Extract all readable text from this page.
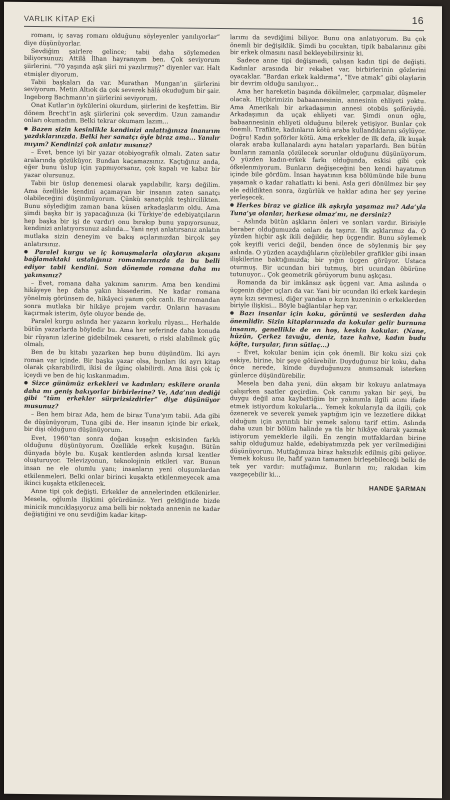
VARLIK KİTAP EKİ	16

romanı, iç savaş romanı olduğunu söyleyenler yanılıyorlar” diye düşünüyorlar.

Sevdiğim şairlere gelince; tabii daha söylemeden biliyorsunuz; Attilâ İlhan hayranıyım ben. Çok seviyorum şiirlerini. “70 yaşında aşk şiiri mi yazılırmış?” diyenler var. Halt etmişler diyorum.

Tabii başkaları da var. Murathan Mungan’ın şiirlerini seviyorum. Metin Altıok da çok severek hâlâ okuduğum bir şair. Ingeborg Bachmann’ın şiirlerini seviyorum.

Onat Kutlar’ın öykülerini okurdum, şiirlerini de keşfettim. Bir dönem Brecht’in aşk şiirlerini çok severdim. Uzun zamandır onları okumadım. Belki tekrar okumam lazım...

● Bazen sizin kesinlikle kendinizi anlattığınıza inanırım yazdıklarınızda. Belki her sanatçı öyle biraz ama... Yanılır mıyım? Kendinizi çok anlatır mısınız?

– Evet, bence iyi bir yazar otobiyografik olmalı. Zaten satır aralarında gözüküyor. Bundan kaçamazsınız. Kaçtığınız anda, eğer bunu üslup için yapmıyorsanız, çok kapalı ve kabız bir yazar olursunuz.

Tabii bir üslup denemesi olarak yapılabilir, karşı değilim. Ama özellikle kendini açamayan bir insanın zaten sanatçı olabileceğini düşünmüyorum. Çünkü sanatçılık teşhircilikten. Bunu söylediğim zaman bana küsen arkadaşlarım oldu. Ama şimdi başka bir iş yapacağınıza (ki Türkiye’de edebiyatçıların hep başka bir işi de vardır) onu bırakıp bunu yapıyorsunuz, kendinizi anlatıyorsunuz aslında... Yani neyi anlatırsanız anlatın mutlaka sizin deneyim ve bakış açılarınızdan birçok şey anlatırsınız.

● Paralel kurgu ve iç konuşmalarla olayların akışını bağlamaktaki ustalığınız romanlarınızda da bu belli ediyor tabii kendini. Son dönemde romana daha mı yakınsınız?

– Evet, romana daha yakınım sanırım. Ama ben kendimi hikâyeye hep daha yakın hissederim. Ne kadar romana yönelmiş görünsem de, hikâyeci yanım çok canlı. Bir romandan sonra mutlaka bir hikâye projem vardır. Onların havasını kaçırmak isterim, öyle oluyor bende de.

Paralel kurgu aslında her yazarın korkulu rüyası... Herhalde bütün yazarlarda böyledir bu. Ama her seferinde daha konuda bir rüyanın izlerine gidebilmek cesareti, o riski alabilmek güç olmalı.

Ben de bu kitabı yazarken hep bunu düşündüm. İki ayrı roman var içinde. Bir başka yazar olsa, bunları iki ayrı kitap olarak çıkarabilirdi, ikisi de ilginç olabilirdi. Ama ikisi çok iç içeydi ve ben de hiç kıskanmadım.

● Sizce günümüz erkekleri ve kadınları; eskilere oranla daha mı geniş bakıyorlar birbirlerine? Ve, Ada’nın dediği gibi “tüm erkekler sürprizsizdirler” diye düşünüyor musunuz?

– Ben hem biraz Ada, hem de biraz Tuna’yım tabii. Ada gibi de düşünüyorum, Tuna gibi de. Her insanın içinde bir erkek, bir dişi olduğunu düşünüyorum.

Evet, 1960’tan sonra doğan kuşağın eskisinden farklı olduğunu düşünüyorum. Özellikle erkek kuşağın. Bütün dünyada böyle bu. Kuşak kentlerden aslında kırsal kentler oluşturuyor. Televizyonun, teknolojinin etkileri var. Bunun insan ne ele olumlu yanı; insanların yeni oluşumlardan etkilenmeleri. Belki onlar birinci kuşakta etkilenmeyecek ama ikinci kuşakta etkilenecek.

Anne tipi çok değişti. Erkekler de annelerinden etkilenirler. Mesela, oğlumla ilişkimi görürdünüz. Yeri geldiğinde bizde minicik mıncıklaşıyoruz ama belli bir noktada annenin ne kadar değiştiğini ve onu sevdiğim kadar kitap-

larımı da sevdiğimi biliyor. Bunu ona anlatıyorum. Bu çok önemli bir değişiklik. Şimdi bu çocuktan, tipik babalarınız gibi bir erkek olmasını nasıl bekleyebilirsiniz ki.

Sadece anne tipi değişmedi, çalışan kadın tipi de değişti. Kadınlar arasında bir rekabet var, birbirlerinin gözlerini oyacaklar. “Bardan erkek kaldırma”, “Eve atmak” gibi olaylarin bir devrim olduğu sanılıyor...

Ama her hareketin başında dökülmeler, çarpmalar, düşmeler olacak. Hiçbirimizin babaannesinin, annesinin ehliyeti yoktu. Ama Amerikalı bir arkadaşımın annesi otobüs şoförüydü. Arkadaşımın da uçak ehliyeti var. Şimdi onun oğlu, babaannesinin ehliyeti olduğunu bilerek yetişiyor. Bunlar çok önemli. Trafikte, kadınların kötü araba kullandıklarını söylüyor. Doğru! Kadın şoförler kötü. Ama erkekler de ilk defa, ilk kuşak olarak araba kullanalardı aynı hataları yaparlardı. Ben bütün bunların zamanla çözülecek sorunlar olduğunu düşünüyorum. O yüzden kadın-erkek farkı olduğunda, eskisi gibi çok öfkelenmiyorum. Bunların değişeceğini ben kendi hayatımın içinde bile gördüm. İnsan hayatının kısa bölümünde bile bunu yaşamak o kadar rahatlattı ki beni. Asla geri dönülmez bir şey ele edildikten sonra, özgürlük ve haklar adına her şey yerine yerleşecek.

● Herkes biraz ve gizlice ilk aşkıyla yaşamaz mı? Ada’yla Tuna’ya olanlar, herkese olmaz’mı, ne dersiniz?

– Aslında bütün aşkların önleri ve sonları vardır. Birisiyle beraber olduğumuzda onları da taşırız. İlk aşklarımız da. O yüzden hiçbir aşk ikili değildir, hep üçgendir. Bunu söylemek çok keyifli verici değil, benden önce de söylenmiş bir şey aslında. O yüzden acaydığlıların çözülebiler grafikler gibi insan ilişkilerine baktığımızda; bir yığın üçgen görüyor. Ustaca oturmuş. Bir ucundan biri tutmuş, biri ucundan öbürüne tutunuyor... Çok geometrik görüyorum bunu aşkçası.

Romanda da bir imkânsız aşk üçgeni var. Ama aslında o üçgenin diğer uçları da var. Yani bir ucundan iki erkek kardeşin aynı kızı sevmesi, diğer yandan o kızın kuzeninin o erkeklerden biriyle ilişkisi... Böyle bağlantılar hep var.

● Bazı insanlar için koku, görüntü ve seslerden daha önemlidir. Sizin kitaplarınızda da kokular gelir burnuna insanın, genellikle de en hoş, keskin kokular. (Nane, hüzün, Çerkez tavuğu, deniz, taze kahve, kadın budu köfte, turşular, fırın sütlaç...)

– Evet, kokular benim için çok önemli. Bir koku sizi çok eskiye, birine, bir şeye götürebilir. Duyduğunuz bir koku, daha önce nerede, kimde duyduğunuzu anımsamak isterken günlerce düşündürebilir.

Mesela ben daha yeni, dün akşam bir kokuyu anlatmaya çalışırken saatler geçirdim. Çok canımı yakan bir şeyi, bu duygu değil ama kaybettiğim bir yakınımla ilgili acını ifade etmek istiyordum kokularla... Yemek kokularıyla da ilgili, çok özenerek ve severek yemek yaptığım için ve lezzetlere dikkat olduğum için ayrıntılı bir yemek salonu tarif ettim. Aslında daha uzun bir bölüm halinde ya tla bir hikâye olarak yazmak istiyorum yemeklerle ilgili. En zengin mutfaklardan birine sahip olduğumuz halde, edebiyatımızda pek yer verilmediğini düşünüyorum. Mutfağımıza biraz haksızlık edilmiş gibi geliyor. Yemek kokusu ile, hafif yazın tamamen birleşebileceği belki de tek yer vardır: mutfağımız. Bunların mı; rakıdan kim vazgeçebilir ki...

HANDE ŞARMAN
